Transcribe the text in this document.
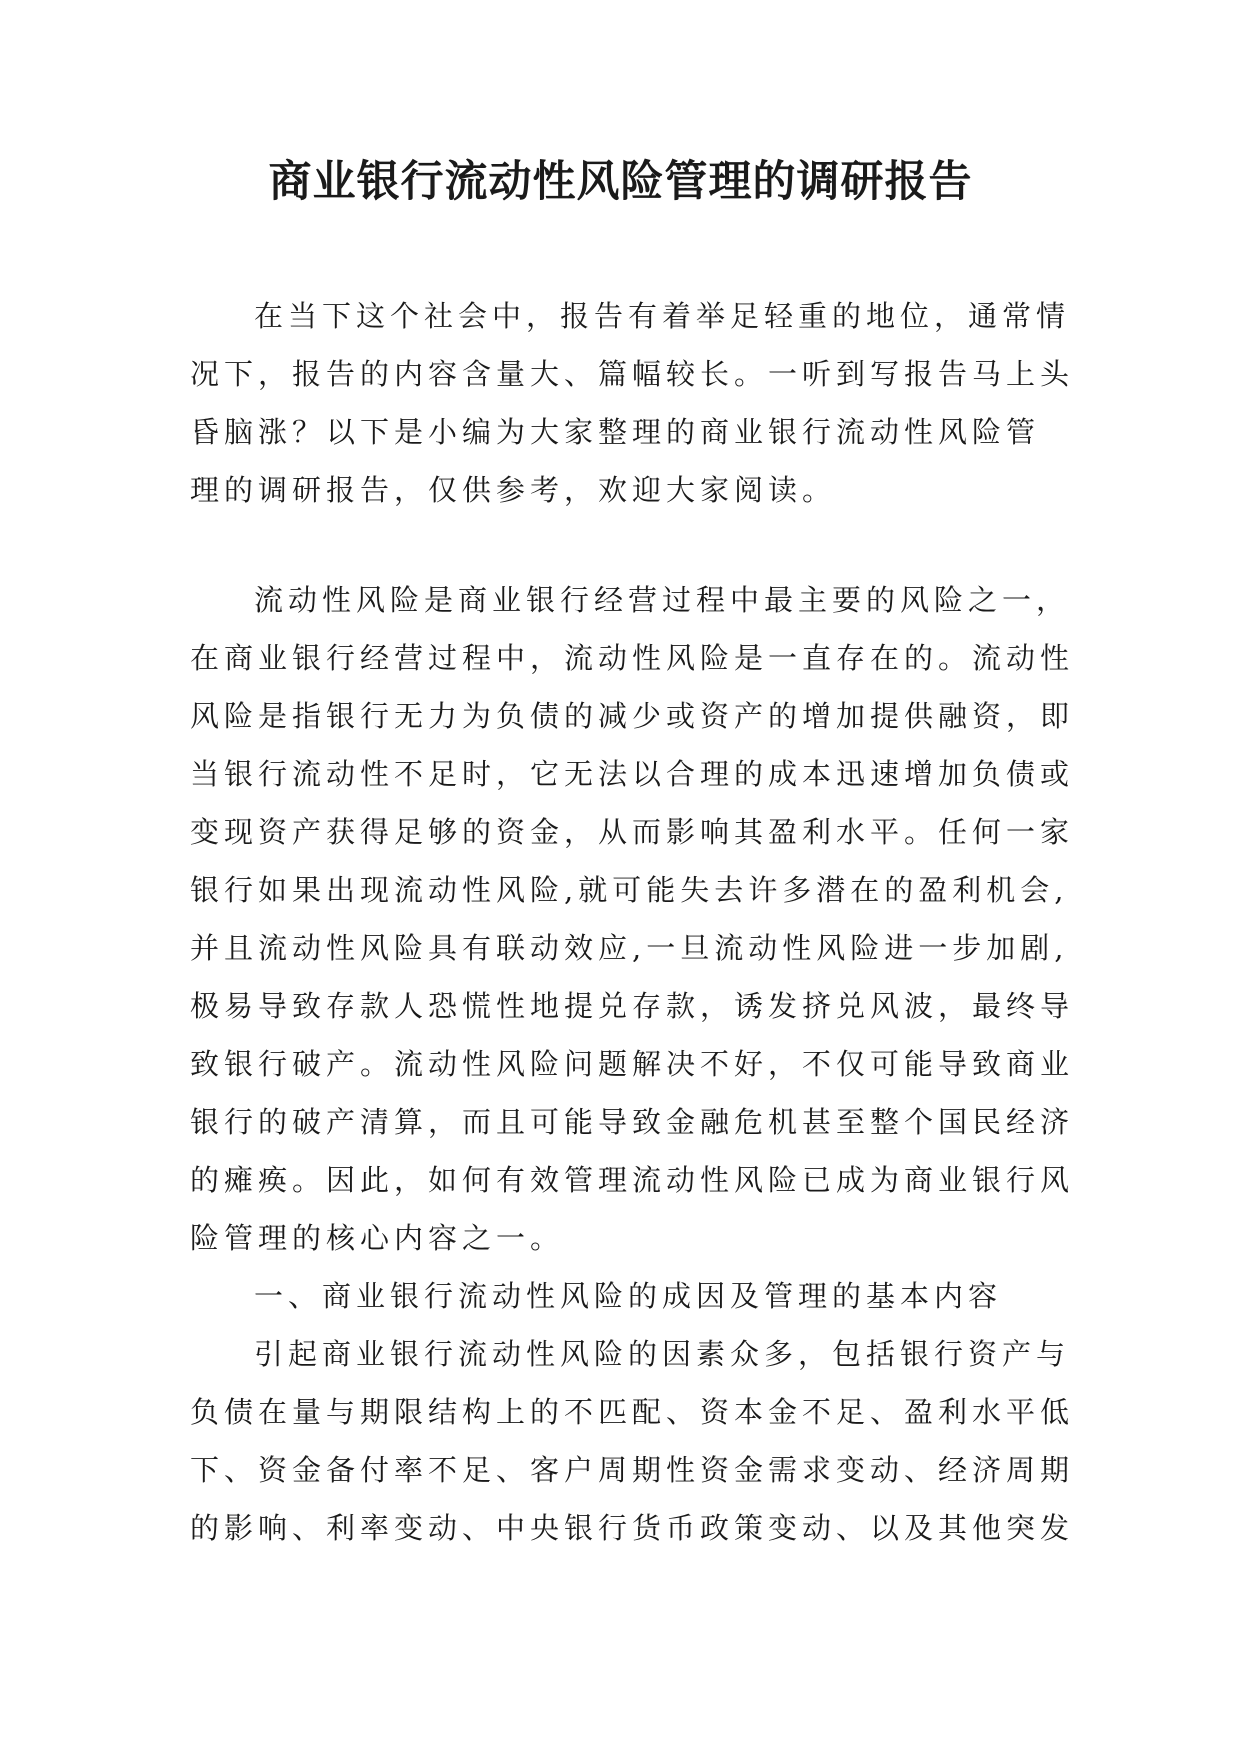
商业银行流动性风险管理的调研报告
在当下这个社会中，报告有着举足轻重的地位，通常情
况下，报告的内容含量大、篇幅较长。一听到写报告马上头
昏脑涨？以下是小编为大家整理的商业银行流动性风险管
理的调研报告，仅供参考，欢迎大家阅读。
流动性风险是商业银行经营过程中最主要的风险之一，
在商业银行经营过程中，流动性风险是一直存在的。流动性
风险是指银行无力为负债的减少或资产的增加提供融资，即
当银行流动性不足时，它无法以合理的成本迅速增加负债或
变现资产获得足够的资金，从而影响其盈利水平。任何一家
银行如果出现流动性风险,就可能失去许多潜在的盈利机会,
并且流动性风险具有联动效应,一旦流动性风险进一步加剧,
极易导致存款人恐慌性地提兑存款，诱发挤兑风波，最终导
致银行破产。流动性风险问题解决不好，不仅可能导致商业
银行的破产清算，而且可能导致金融危机甚至整个国民经济
的瘫痪。因此，如何有效管理流动性风险已成为商业银行风
险管理的核心内容之一。
一、商业银行流动性风险的成因及管理的基本内容
引起商业银行流动性风险的因素众多，包括银行资产与
负债在量与期限结构上的不匹配、资本金不足、盈利水平低
下、资金备付率不足、客户周期性资金需求变动、经济周期
的影响、利率变动、中央银行货币政策变动、以及其他突发
